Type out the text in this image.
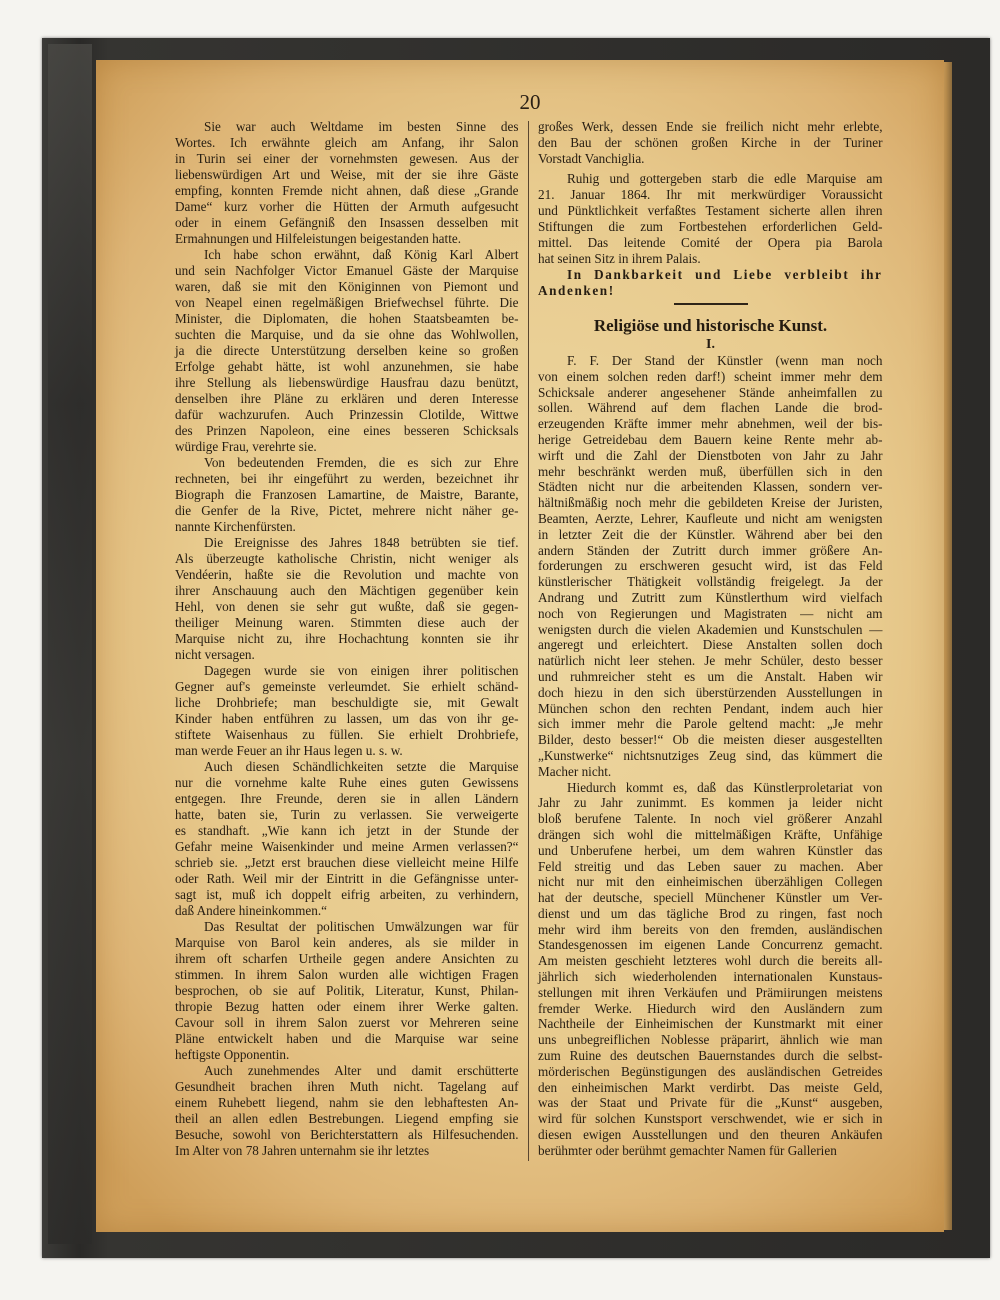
20
Sie war auch Weltdame im besten Sinne des
Wortes. Ich erwähnte gleich am Anfang, ihr Salon
in Turin sei einer der vornehmsten gewesen. Aus der
liebenswürdigen Art und Weise, mit der sie ihre Gäste
empfing, konnten Fremde nicht ahnen, daß diese „Grande
Dame“ kurz vorher die Hütten der Armuth aufgesucht
oder in einem Gefängniß den Insassen desselben mit
Ermahnungen und Hilfeleistungen beigestanden hatte.
Ich habe schon erwähnt, daß König Karl Albert
und sein Nachfolger Victor Emanuel Gäste der Marquise
waren, daß sie mit den Königinnen von Piemont und
von Neapel einen regelmäßigen Briefwechsel führte. Die
Minister, die Diplomaten, die hohen Staatsbeamten be-
suchten die Marquise, und da sie ohne das Wohlwollen,
ja die directe Unterstützung derselben keine so großen
Erfolge gehabt hätte, ist wohl anzunehmen, sie habe
ihre Stellung als liebenswürdige Hausfrau dazu benützt,
denselben ihre Pläne zu erklären und deren Interesse
dafür wachzurufen. Auch Prinzessin Clotilde, Wittwe
des Prinzen Napoleon, eine eines besseren Schicksals
würdige Frau, verehrte sie.
Von bedeutenden Fremden, die es sich zur Ehre
rechneten, bei ihr eingeführt zu werden, bezeichnet ihr
Biograph die Franzosen Lamartine, de Maistre, Barante,
die Genfer de la Rive, Pictet, mehrere nicht näher ge-
nannte Kirchenfürsten.
Die Ereignisse des Jahres 1848 betrübten sie tief.
Als überzeugte katholische Christin, nicht weniger als
Vendéerin, haßte sie die Revolution und machte von
ihrer Anschauung auch den Mächtigen gegenüber kein
Hehl, von denen sie sehr gut wußte, daß sie gegen-
theiliger Meinung waren. Stimmten diese auch der
Marquise nicht zu, ihre Hochachtung konnten sie ihr
nicht versagen.
Dagegen wurde sie von einigen ihrer politischen
Gegner auf's gemeinste verleumdet. Sie erhielt schänd-
liche Drohbriefe; man beschuldigte sie, mit Gewalt
Kinder haben entführen zu lassen, um das von ihr ge-
stiftete Waisenhaus zu füllen. Sie erhielt Drohbriefe,
man werde Feuer an ihr Haus legen u. s. w.
Auch diesen Schändlichkeiten setzte die Marquise
nur die vornehme kalte Ruhe eines guten Gewissens
entgegen. Ihre Freunde, deren sie in allen Ländern
hatte, baten sie, Turin zu verlassen. Sie verweigerte
es standhaft. „Wie kann ich jetzt in der Stunde der
Gefahr meine Waisenkinder und meine Armen verlassen?“
schrieb sie. „Jetzt erst brauchen diese vielleicht meine Hilfe
oder Rath. Weil mir der Eintritt in die Gefängnisse unter-
sagt ist, muß ich doppelt eifrig arbeiten, zu verhindern,
daß Andere hineinkommen.“
Das Resultat der politischen Umwälzungen war für
Marquise von Barol kein anderes, als sie milder in
ihrem oft scharfen Urtheile gegen andere Ansichten zu
stimmen. In ihrem Salon wurden alle wichtigen Fragen
besprochen, ob sie auf Politik, Literatur, Kunst, Philan-
thropie Bezug hatten oder einem ihrer Werke galten.
Cavour soll in ihrem Salon zuerst vor Mehreren seine
Pläne entwickelt haben und die Marquise war seine
heftigste Opponentin.
Auch zunehmendes Alter und damit erschütterte
Gesundheit brachen ihren Muth nicht. Tagelang auf
einem Ruhebett liegend, nahm sie den lebhaftesten An-
theil an allen edlen Bestrebungen. Liegend empfing sie
Besuche, sowohl von Berichterstattern als Hilfesuchenden.
Im Alter von 78 Jahren unternahm sie ihr letztes
großes Werk, dessen Ende sie freilich nicht mehr erlebte,
den Bau der schönen großen Kirche in der Turiner
Vorstadt Vanchiglia.
Ruhig und gottergeben starb die edle Marquise am
21. Januar 1864. Ihr mit merkwürdiger Voraussicht
und Pünktlichkeit verfaßtes Testament sicherte allen ihren
Stiftungen die zum Fortbestehen erforderlichen Geld-
mittel. Das leitende Comité der Opera pia Barola
hat seinen Sitz in ihrem Palais.
In Dankbarkeit und Liebe verbleibt ihr
Andenken!
Religiöse und historische Kunst.
I.
F. F. Der Stand der Künstler (wenn man noch
von einem solchen reden darf!) scheint immer mehr dem
Schicksale anderer angesehener Stände anheimfallen zu
sollen. Während auf dem flachen Lande die brod-
erzeugenden Kräfte immer mehr abnehmen, weil der bis-
herige Getreidebau dem Bauern keine Rente mehr ab-
wirft und die Zahl der Dienstboten von Jahr zu Jahr
mehr beschränkt werden muß, überfüllen sich in den
Städten nicht nur die arbeitenden Klassen, sondern ver-
hältnißmäßig noch mehr die gebildeten Kreise der Juristen,
Beamten, Aerzte, Lehrer, Kaufleute und nicht am wenigsten
in letzter Zeit die der Künstler. Während aber bei den
andern Ständen der Zutritt durch immer größere An-
forderungen zu erschweren gesucht wird, ist das Feld
künstlerischer Thätigkeit vollständig freigelegt. Ja der
Andrang und Zutritt zum Künstlerthum wird vielfach
noch von Regierungen und Magistraten — nicht am
wenigsten durch die vielen Akademien und Kunstschulen —
angeregt und erleichtert. Diese Anstalten sollen doch
natürlich nicht leer stehen. Je mehr Schüler, desto besser
und ruhmreicher steht es um die Anstalt. Haben wir
doch hiezu in den sich überstürzenden Ausstellungen in
München schon den rechten Pendant, indem auch hier
sich immer mehr die Parole geltend macht: „Je mehr
Bilder, desto besser!“ Ob die meisten dieser ausgestellten
„Kunstwerke“ nichtsnutziges Zeug sind, das kümmert die
Macher nicht.
Hiedurch kommt es, daß das Künstlerproletariat von
Jahr zu Jahr zunimmt. Es kommen ja leider nicht
bloß berufene Talente. In noch viel größerer Anzahl
drängen sich wohl die mittelmäßigen Kräfte, Unfähige
und Unberufene herbei, um dem wahren Künstler das
Feld streitig und das Leben sauer zu machen. Aber
nicht nur mit den einheimischen überzähligen Collegen
hat der deutsche, speciell Münchener Künstler um Ver-
dienst und um das tägliche Brod zu ringen, fast noch
mehr wird ihm bereits von den fremden, ausländischen
Standesgenossen im eigenen Lande Concurrenz gemacht.
Am meisten geschieht letzteres wohl durch die bereits all-
jährlich sich wiederholenden internationalen Kunstaus-
stellungen mit ihren Verkäufen und Prämiirungen meistens
fremder Werke. Hiedurch wird den Ausländern zum
Nachtheile der Einheimischen der Kunstmarkt mit einer
uns unbegreiflichen Noblesse präparirt, ähnlich wie man
zum Ruine des deutschen Bauernstandes durch die selbst-
mörderischen Begünstigungen des ausländischen Getreides
den einheimischen Markt verdirbt. Das meiste Geld,
was der Staat und Private für die „Kunst“ ausgeben,
wird für solchen Kunstsport verschwendet, wie er sich in
diesen ewigen Ausstellungen und den theuren Ankäufen
berühmter oder berühmt gemachter Namen für Gallerien
